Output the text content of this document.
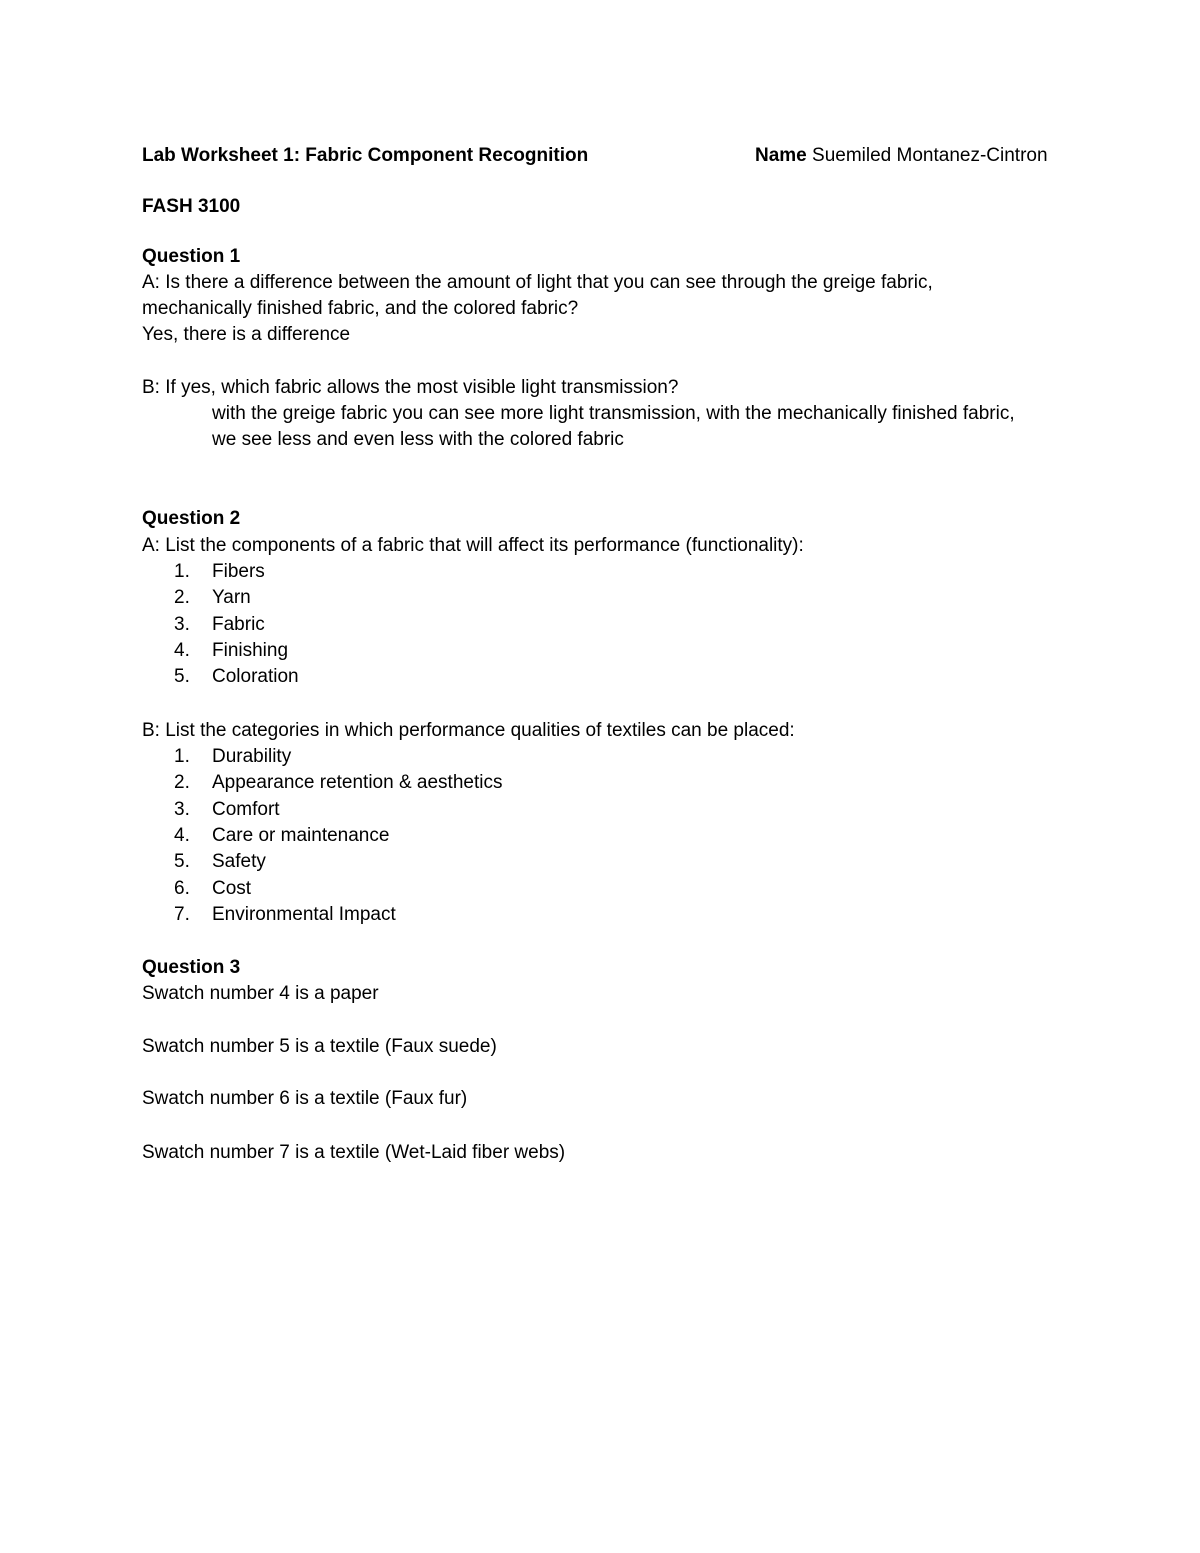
Lab Worksheet 1: Fabric Component Recognition	Name Suemiled Montanez-Cintron
FASH 3100
Question 1
A: Is there a difference between the amount of light that you can see through the greige fabric,
mechanically finished fabric, and the colored fabric?
Yes, there is a difference
B: If yes, which fabric allows the most visible light transmission?
with the greige fabric you can see more light transmission, with the mechanically finished fabric,
we see less and even less with the colored fabric
Question 2
A: List the components of a fabric that will affect its performance (functionality):
1.	Fibers
2.	Yarn
3.	Fabric
4.	Finishing
5.	Coloration
B: List the categories in which performance qualities of textiles can be placed:
1.	Durability
2.	Appearance retention & aesthetics
3.	Comfort
4.	Care or maintenance
5.	Safety
6.	Cost
7.	Environmental Impact
Question 3
Swatch number 4 is a paper
Swatch number 5 is a textile (Faux suede)
Swatch number 6 is a textile (Faux fur)
Swatch number 7 is a textile (Wet-Laid fiber webs)
